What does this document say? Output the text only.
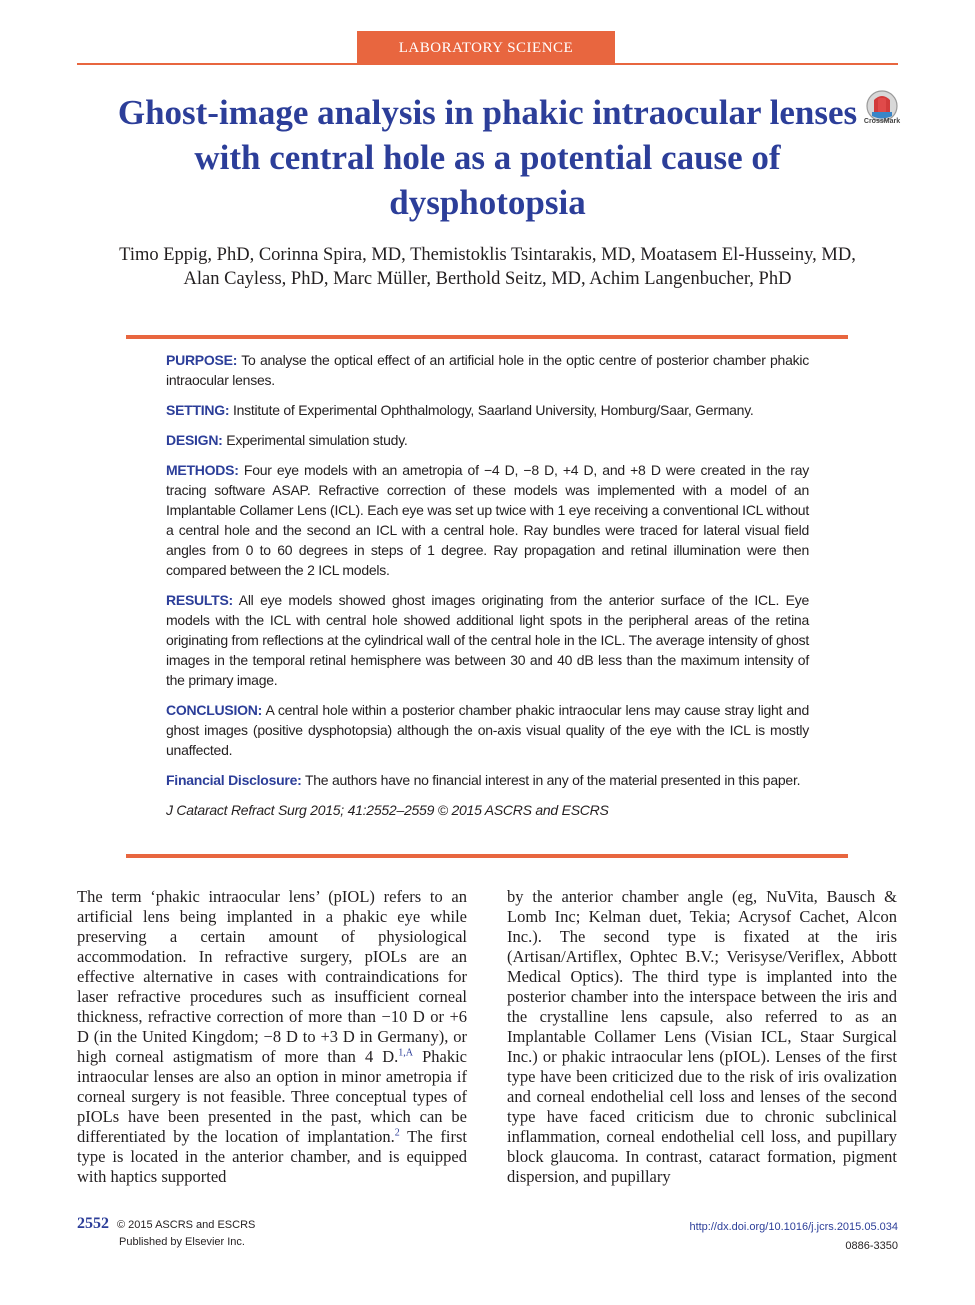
LABORATORY SCIENCE
Ghost-image analysis in phakic intraocular lenses with central hole as a potential cause of dysphotopsia
CrossMark
Timo Eppig, PhD, Corinna Spira, MD, Themistoklis Tsintarakis, MD, Moatasem El-Husseiny, MD,
Alan Cayless, PhD, Marc Müller, Berthold Seitz, MD, Achim Langenbucher, PhD

PURPOSE: To analyse the optical effect of an artificial hole in the optic centre of posterior chamber phakic intraocular lenses.

SETTING: Institute of Experimental Ophthalmology, Saarland University, Homburg/Saar, Germany.

DESIGN: Experimental simulation study.

METHODS: Four eye models with an ametropia of −4 D, −8 D, +4 D, and +8 D were created in the ray tracing software ASAP. Refractive correction of these models was implemented with a model of an Implantable Collamer Lens (ICL). Each eye was set up twice with 1 eye receiving a conventional ICL without a central hole and the second an ICL with a central hole. Ray bundles were traced for lateral visual field angles from 0 to 60 degrees in steps of 1 degree. Ray propagation and retinal illumination were then compared between the 2 ICL models.

RESULTS: All eye models showed ghost images originating from the anterior surface of the ICL. Eye models with the ICL with central hole showed additional light spots in the peripheral areas of the retina originating from reflections at the cylindrical wall of the central hole in the ICL. The average intensity of ghost images in the temporal retinal hemisphere was between 30 and 40 dB less than the maximum intensity of the primary image.

CONCLUSION: A central hole within a posterior chamber phakic intraocular lens may cause stray light and ghost images (positive dysphotopsia) although the on-axis visual quality of the eye with the ICL is mostly unaffected.

Financial Disclosure: The authors have no financial interest in any of the material presented in this paper.

J Cataract Refract Surg 2015; 41:2552–2559 © 2015 ASCRS and ESCRS

The term ‘phakic intraocular lens’ (pIOL) refers to an artificial lens being implanted in a phakic eye while preserving a certain amount of physiological accommodation. In refractive surgery, pIOLs are an effective alternative in cases with contraindications for laser refractive procedures such as insufficient corneal thickness, refractive correction of more than −10 D or +6 D (in the United Kingdom; −8 D to +3 D in Germany), or high corneal astigmatism of more than 4 D.$^{1,A}$ Phakic intraocular lenses are also an option in minor ametropia if corneal surgery is not feasible. Three conceptual types of pIOLs have been presented in the past, which can be differentiated by the location of implantation.$^2$ The first type is located in the anterior chamber, and is equipped with haptics supported

by the anterior chamber angle (eg, NuVita, Bausch & Lomb Inc; Kelman duet, Tekia; Acrysof Cachet, Alcon Inc.). The second type is fixated at the iris (Artisan/Artiflex, Ophtec B.V.; Verisyse/Veriflex, Abbott Medical Optics). The third type is implanted into the posterior chamber into the interspace between the iris and the crystalline lens capsule, also referred to as an Implantable Collamer Lens (Visian ICL, Staar Surgical Inc.) or phakic intraocular lens (pIOL). Lenses of the first type have been criticized due to the risk of iris ovalization and corneal endothelial cell loss and lenses of the second type have faced criticism due to chronic subclinical inflammation, corneal endothelial cell loss, and pupillary block glaucoma. In contrast, cataract formation, pigment dispersion, and pupillary

2552 © 2015 ASCRS and ESCRS
Published by Elsevier Inc.
http://dx.doi.org/10.1016/j.jcrs.2015.05.034
0886-3350
